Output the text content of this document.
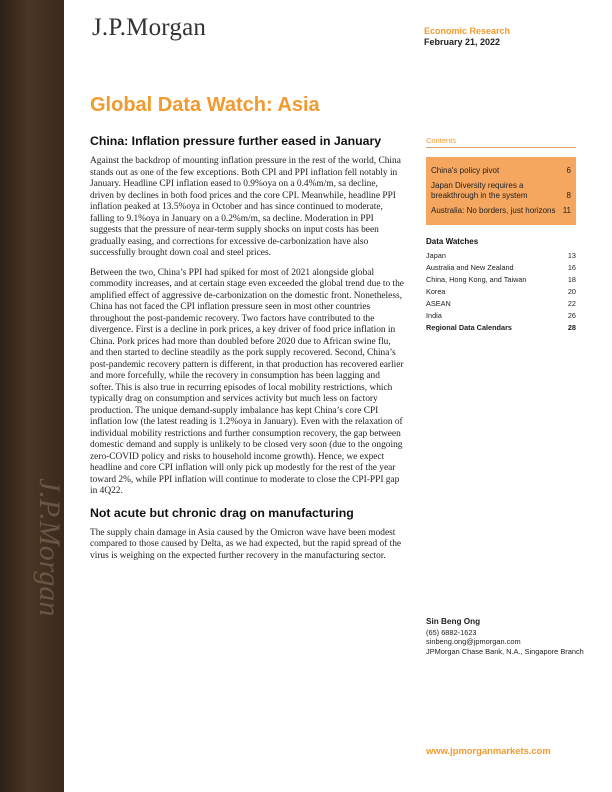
J.P.Morgan
J.P.Morgan	Economic Research
February 21, 2022
Global Data Watch: Asia
China: Inflation pressure further eased in January
Against the backdrop of mounting inflation pressure in the rest of the world, China stands out as one of the few exceptions. Both CPI and PPI inflation fell notably in January. Headline CPI inflation eased to 0.9%oya on a 0.4%m/m, sa decline, driven by declines in both food prices and the core CPI. Meanwhile, headline PPI inflation peaked at 13.5%oya in October and has since continued to moderate, falling to 9.1%oya in January on a 0.2%m/m, sa decline. Moderation in PPI suggests that the pressure of near-term supply shocks on input costs has been gradually easing, and corrections for excessive de-carbonization have also successfully brought down coal and steel prices.
Between the two, China’s PPI had spiked for most of 2021 alongside global commodity increases, and at certain stage even exceeded the global trend due to the amplified effect of aggressive de-carbonization on the domestic front. Nonetheless, China has not faced the CPI inflation pressure seen in most other countries throughout the post-pandemic recovery. Two factors have contributed to the divergence. First is a decline in pork prices, a key driver of food price inflation in China. Pork prices had more than doubled before 2020 due to African swine flu, and then started to decline steadily as the pork supply recovered. Second, China’s post-pandemic recovery pattern is different, in that production has recovered earlier and more forcefully, while the recovery in consumption has been lagging and softer. This is also true in recurring episodes of local mobility restrictions, which typically drag on consumption and services activity but much less on factory production. The unique demand-supply imbalance has kept China’s core CPI inflation low (the latest reading is 1.2%oya in January). Even with the relaxation of individual mobility restrictions and further consumption recovery, the gap between domestic demand and supply is unlikely to be closed very soon (due to the ongoing zero-COVID policy and risks to household income growth). Hence, we expect headline and core CPI inflation will only pick up modestly for the rest of the year toward 2%, while PPI inflation will continue to moderate to close the CPI-PPI gap in 4Q22.
Not acute but chronic drag on manufacturing
The supply chain damage in Asia caused by the Omicron wave have been modest compared to those caused by Delta, as we had expected, but the rapid spread of the virus is weighing on the expected further recovery in the manufacturing sector.
Contents
China's policy pivot	6
Japan Diversity requires a breakthrough in the system	8
Australia: No borders, just horizons 11
Data Watches
Japan	13
Australia and New Zealand	16
China, Hong Kong, and Taiwan	18
Korea	20
ASEAN	22
India	26
Regional Data Calendars	28
Sin Beng Ong
(65) 6882-1623
sinbeng.ong@jpmorgan.com
JPMorgan Chase Bank, N.A., Singapore Branch
www.jpmorganmarkets.com
